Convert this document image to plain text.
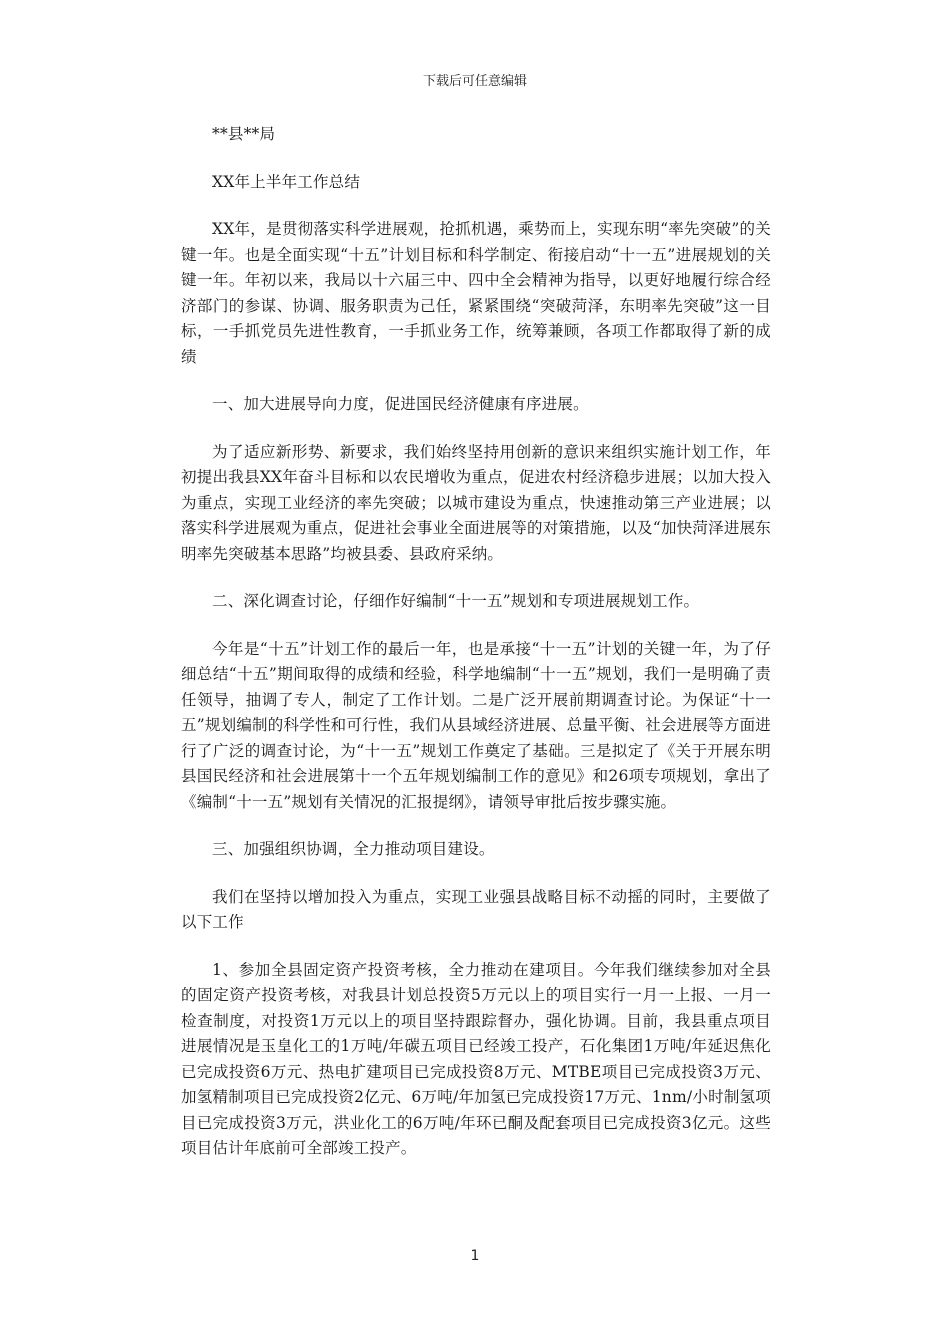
下载后可任意编辑

**县**局

XX年上半年工作总结

XX年，是贯彻落实科学进展观，抢抓机遇，乘势而上，实现东明“率先突破”的关键一年。也是全面实现“十五”计划目标和科学制定、衔接启动“十一五”进展规划的关键一年。年初以来，我局以十六届三中、四中全会精神为指导，以更好地履行综合经济部门的参谋、协调、服务职责为己任，紧紧围绕“突破菏泽，东明率先突破”这一目标，一手抓党员先进性教育，一手抓业务工作，统筹兼顾，各项工作都取得了新的成绩

一、加大进展导向力度，促进国民经济健康有序进展。

为了适应新形势、新要求，我们始终坚持用创新的意识来组织实施计划工作，年初提出我县XX年奋斗目标和以农民增收为重点，促进农村经济稳步进展；以加大投入为重点，实现工业经济的率先突破；以城市建设为重点，快速推动第三产业进展；以落实科学进展观为重点，促进社会事业全面进展等的对策措施，以及“加快菏泽进展东明率先突破基本思路”均被县委、县政府采纳。

二、深化调查讨论，仔细作好编制“十一五”规划和专项进展规划工作。

今年是“十五”计划工作的最后一年，也是承接“十一五”计划的关键一年，为了仔细总结“十五”期间取得的成绩和经验，科学地编制“十一五”规划，我们一是明确了责任领导，抽调了专人，制定了工作计划。二是广泛开展前期调查讨论。为保证“十一五”规划编制的科学性和可行性，我们从县域经济进展、总量平衡、社会进展等方面进行了广泛的调查讨论，为“十一五”规划工作奠定了基础。三是拟定了《关于开展东明县国民经济和社会进展第十一个五年规划编制工作的意见》和26项专项规划，拿出了《编制“十一五”规划有关情况的汇报提纲》，请领导审批后按步骤实施。

三、加强组织协调，全力推动项目建设。

我们在坚持以增加投入为重点，实现工业强县战略目标不动摇的同时，主要做了以下工作

1、参加全县固定资产投资考核，全力推动在建项目。今年我们继续参加对全县的固定资产投资考核，对我县计划总投资5万元以上的项目实行一月一上报、一月一检查制度，对投资1万元以上的项目坚持跟踪督办，强化协调。目前，我县重点项目进展情况是玉皇化工的1万吨/年碳五项目已经竣工投产，石化集团1万吨/年延迟焦化已完成投资6万元、热电扩建项目已完成投资8万元、MTBE项目已完成投资3万元、加氢精制项目已完成投资2亿元、6万吨/年加氢已完成投资17万元、1nm/小时制氢项目已完成投资3万元，洪业化工的6万吨/年环已酮及配套项目已完成投资3亿元。这些项目估计年底前可全部竣工投产。

1
